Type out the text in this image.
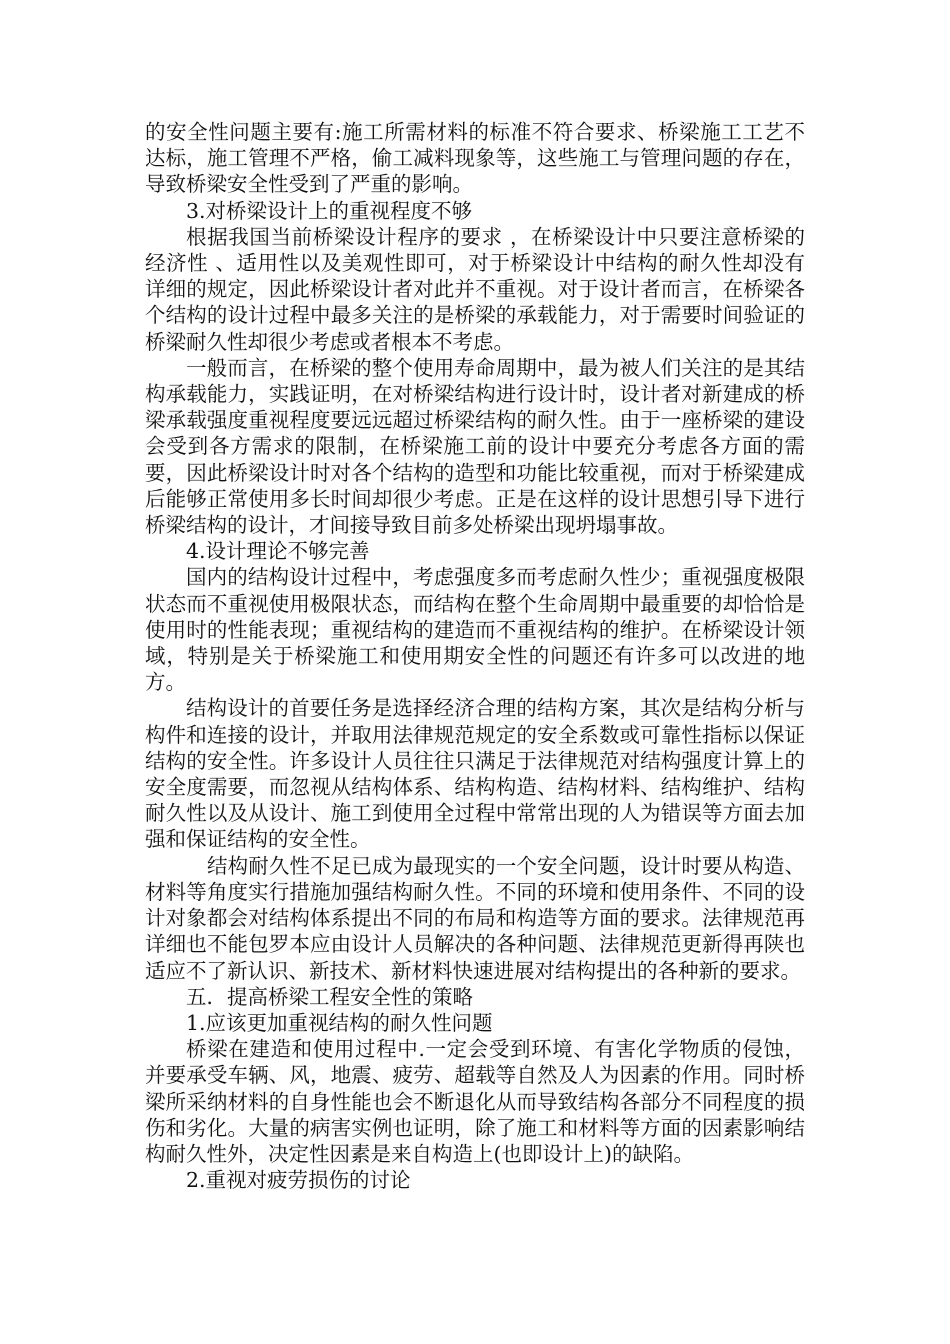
的安全性问题主要有:施工所需材料的标准不符合要求、桥梁施工工艺不达标，施工管理不严格，偷工减料现象等，这些施工与管理问题的存在，导致桥梁安全性受到了严重的影响。

3.对桥梁设计上的重视程度不够

根据我国当前桥梁设计程序的要求 ，在桥梁设计中只要注意桥梁的经济性 、适用性以及美观性即可，对于桥梁设计中结构的耐久性却没有详细的规定，因此桥梁设计者对此并不重视。对于设计者而言，在桥梁各个结构的设计过程中最多关注的是桥梁的承载能力，对于需要时间验证的桥梁耐久性却很少考虑或者根本不考虑。

一般而言，在桥梁的整个使用寿命周期中，最为被人们关注的是其结构承载能力，实践证明，在对桥梁结构进行设计时，设计者对新建成的桥梁承载强度重视程度要远远超过桥梁结构的耐久性。由于一座桥梁的建设会受到各方需求的限制，在桥梁施工前的设计中要充分考虑各方面的需要，因此桥梁设计时对各个结构的造型和功能比较重视，而对于桥梁建成后能够正常使用多长时间却很少考虑。正是在这样的设计思想引导下进行桥梁结构的设计，才间接导致目前多处桥梁出现坍塌事故。

4.设计理论不够完善

国内的结构设计过程中，考虑强度多而考虑耐久性少；重视强度极限状态而不重视使用极限状态，而结构在整个生命周期中最重要的却恰恰是使用时的性能表现；重视结构的建造而不重视结构的维护。在桥梁设计领域，特别是关于桥梁施工和使用期安全性的问题还有许多可以改进的地方。

结构设计的首要任务是选择经济合理的结构方案，其次是结构分析与构件和连接的设计，并取用法律规范规定的安全系数或可靠性指标以保证结构的安全性。许多设计人员往往只满足于法律规范对结构强度计算上的安全度需要，而忽视从结构体系、结构构造、结构材料、结构维护、结构耐久性以及从设计、施工到使用全过程中常常出现的人为错误等方面去加强和保证结构的安全性。

结构耐久性不足已成为最现实的一个安全问题，设计时要从构造、材料等角度实行措施加强结构耐久性。不同的环境和使用条件、不同的设计对象都会对结构体系提出不同的布局和构造等方面的要求。法律规范再详细也不能包罗本应由设计人员解决的各种问题、法律规范更新得再陕也适应不了新认识、新技术、新材料快速进展对结构提出的各种新的要求。

五．提高桥梁工程安全性的策略

1.应该更加重视结构的耐久性问题

桥梁在建造和使用过程中.一定会受到环境、有害化学物质的侵蚀，并要承受车辆、风，地震、疲劳、超载等自然及人为因素的作用。同时桥梁所采纳材料的自身性能也会不断退化从而导致结构各部分不同程度的损伤和劣化。大量的病害实例也证明，除了施工和材料等方面的因素影响结构耐久性外，决定性因素是来自构造上(也即设计上)的缺陷。

2.重视对疲劳损伤的讨论
